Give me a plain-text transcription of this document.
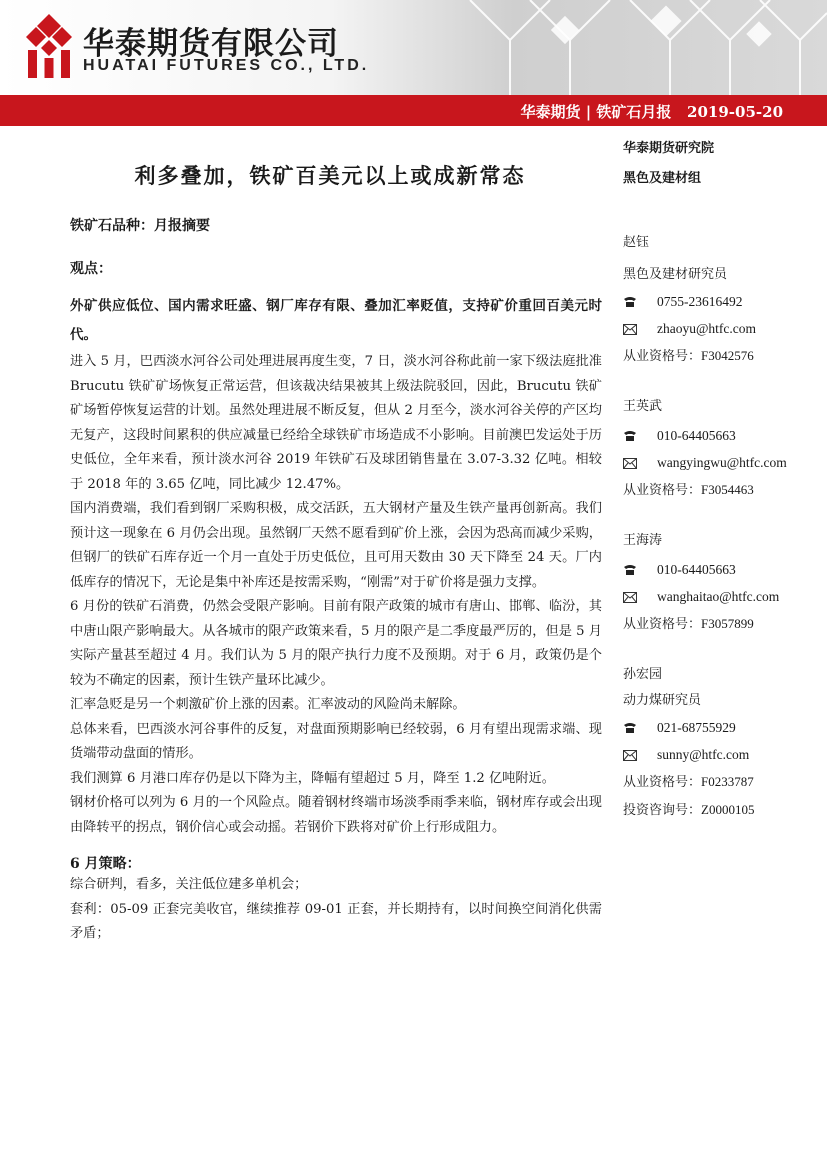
华泰期货有限公司
HUATAI FUTURES CO., LTD.
华泰期货 | 铁矿石月报   2019-05-20
利多叠加，铁矿百美元以上或成新常态

铁矿石品种：月报摘要

观点：

外矿供应低位、国内需求旺盛、钢厂库存有限、叠加汇率贬值，支持矿价重回百美元时代。

进入 5 月，巴西淡水河谷公司处理进展再度生变，7 日，淡水河谷称此前一家下级法庭批准 Brucutu 铁矿矿场恢复正常运营，但该裁决结果被其上级法院驳回，因此，Brucutu 铁矿矿场暂停恢复运营的计划。虽然处理进展不断反复，但从 2 月至今，淡水河谷关停的产区均无复产，这段时间累积的供应减量已经给全球铁矿市场造成不小影响。目前澳巴发运处于历史低位，全年来看，预计淡水河谷 2019 年铁矿石及球团销售量在 3.07-3.32 亿吨。相较于 2018 年的 3.65 亿吨，同比减少 12.47%。

国内消费端，我们看到钢厂采购积极，成交活跃，五大钢材产量及生铁产量再创新高。我们预计这一现象在 6 月仍会出现。虽然钢厂天然不愿看到矿价上涨，会因为恐高而减少采购，但钢厂的铁矿石库存近一个月一直处于历史低位，且可用天数由 30 天下降至 24 天。厂内低库存的情况下，无论是集中补库还是按需采购，“刚需”对于矿价将是强力支撑。

6 月份的铁矿石消费，仍然会受限产影响。目前有限产政策的城市有唐山、邯郸、临汾，其中唐山限产影响最大。从各城市的限产政策来看，5 月的限产是二季度最严厉的，但是 5 月实际产量甚至超过 4 月。我们认为 5 月的限产执行力度不及预期。对于 6 月，政策仍是个较为不确定的因素，预计生铁产量环比减少。

汇率急贬是另一个刺激矿价上涨的因素。汇率波动的风险尚未解除。

总体来看，巴西淡水河谷事件的反复，对盘面预期影响已经较弱，6 月有望出现需求端、现货端带动盘面的情形。

我们测算 6 月港口库存仍是以下降为主，降幅有望超过 5 月，降至 1.2 亿吨附近。

钢材价格可以列为 6 月的一个风险点。随着钢材终端市场淡季雨季来临，钢材库存或会出现由降转平的拐点，钢价信心或会动摇。若钢价下跌将对矿价上行形成阻力。

6 月策略：

综合研判，看多，关注低位建多单机会；

套利：05-09 正套完美收官，继续推荐 09-01 正套，并长期持有，以时间换空间消化供需矛盾；

华泰期货研究院

黑色及建材组

赵钰

黑色及建材研究员

0755-23616492
zhaoyu@htfc.com
从业资格号：F3042576

王英武

010-64405663
wangyingwu@htfc.com
从业资格号：F3054463

王海涛

010-64405663
wanghaitao@htfc.com
从业资格号：F3057899

孙宏园

动力煤研究员

021-68755929
sunny@htfc.com
从业资格号：F0233787
投资咨询号：Z0000105
